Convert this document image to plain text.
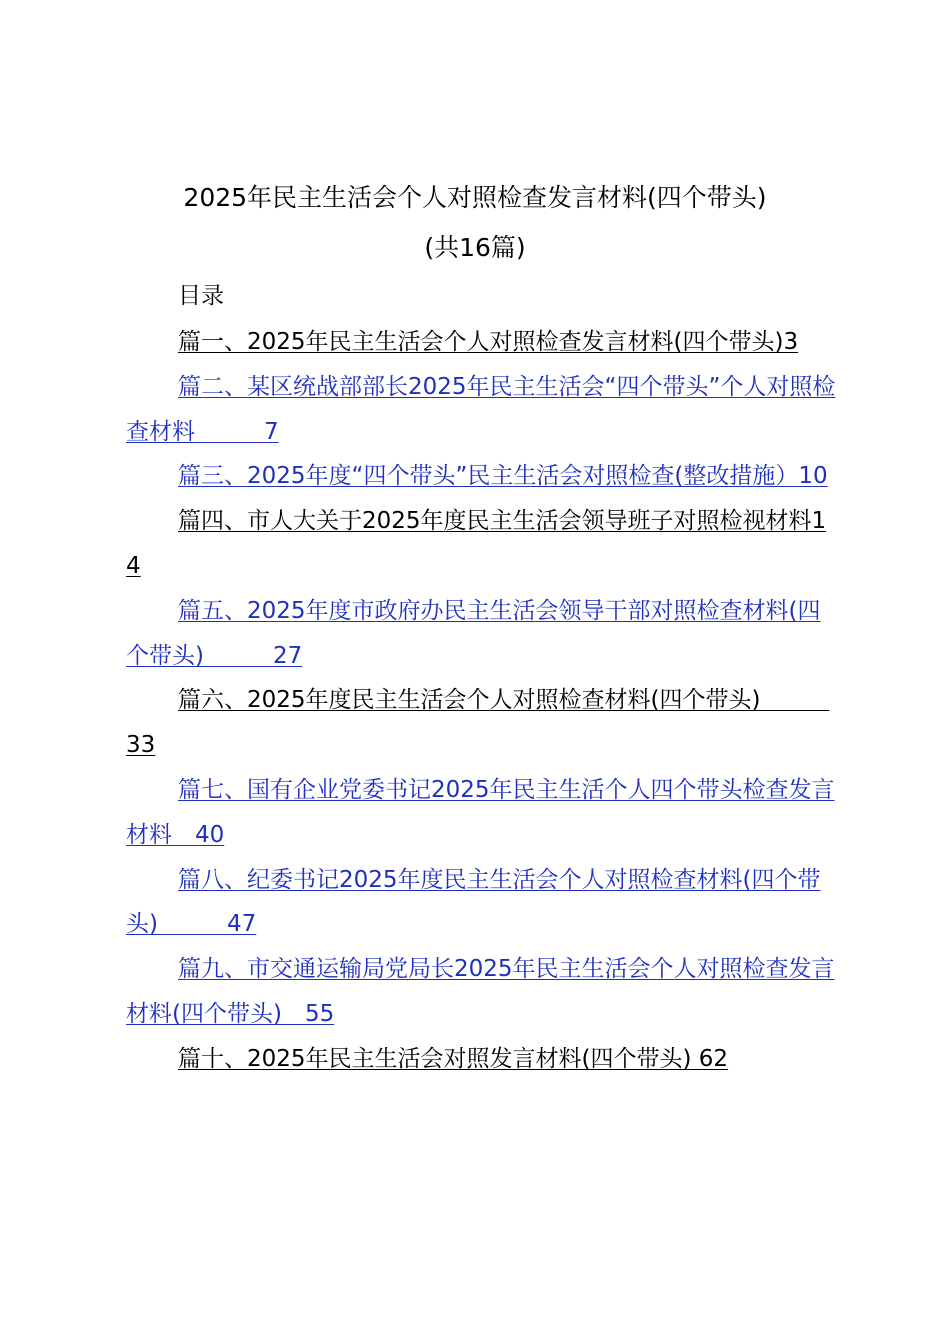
2025年民主生活会个人对照检查发言材料(四个带头)
(共16篇)
目录
篇一、2025年民主生活会个人对照检查发言材料(四个带头)3
篇二、某区统战部部长2025年民主生活会“四个带头”个人对照检查材料   7
篇三、2025年度“四个带头”民主生活会对照检查(整改措施）10
篇四、市人大关于2025年度民主生活会领导班子对照检视材料14
篇五、2025年度市政府办民主生活会领导干部对照检查材料(四个带头)   27
篇六、2025年度民主生活会个人对照检查材料(四个带头)   33
篇七、国有企业党委书记2025年民主生活个人四个带头检查发言材料 40
篇八、纪委书记2025年度民主生活会个人对照检查材料(四个带头)   47
篇九、市交通运输局党局长2025年民主生活会个人对照检查发言材料(四个带头) 55
篇十、2025年民主生活会对照发言材料(四个带头) 62
